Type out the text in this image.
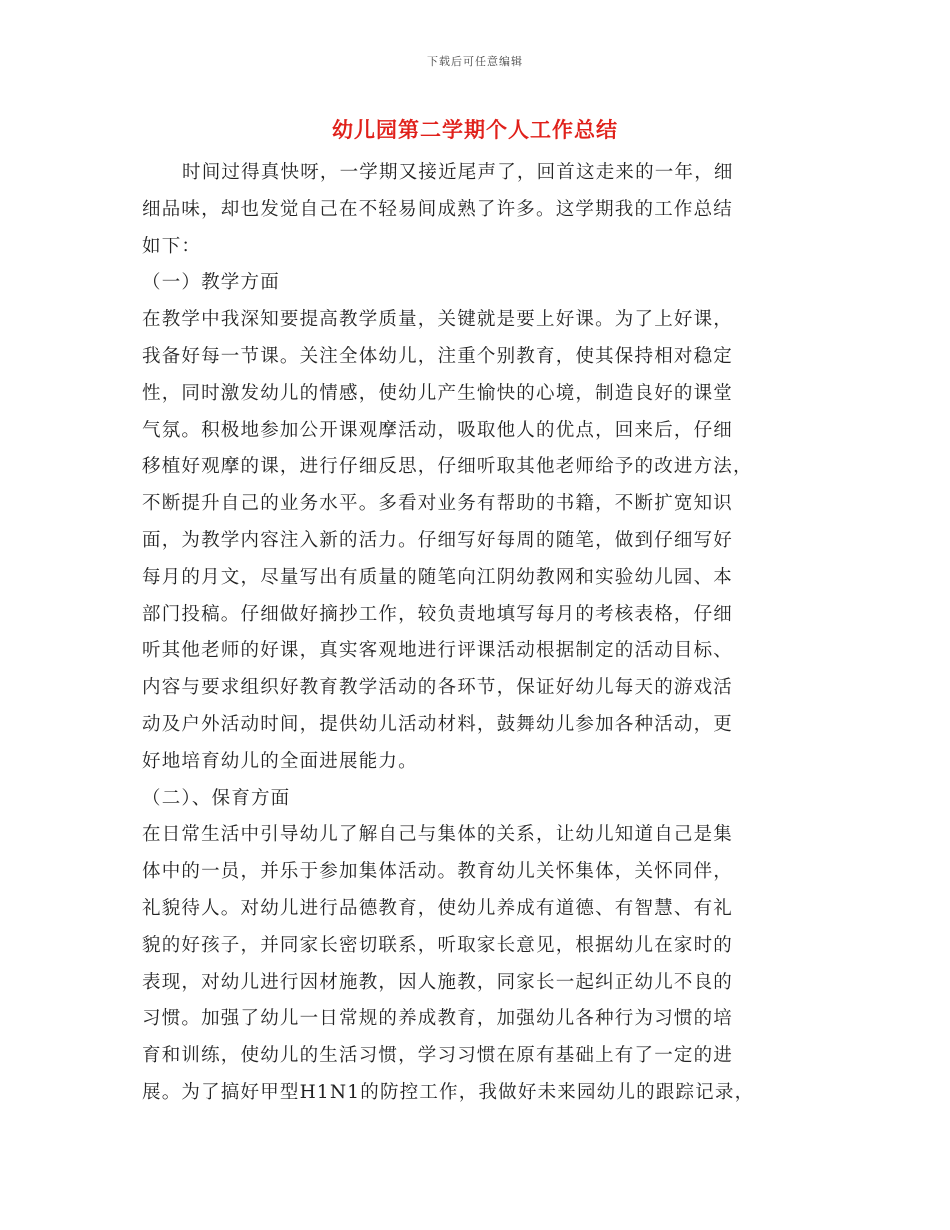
下载后可任意编辑
幼儿园第二学期个人工作总结
时间过得真快呀，一学期又接近尾声了，回首这走来的一年，细
细品味，却也发觉自己在不轻易间成熟了许多。这学期我的工作总结
如下：
（一）教学方面
在教学中我深知要提高教学质量，关键就是要上好课。为了上好课，
我备好每一节课。关注全体幼儿，注重个别教育，使其保持相对稳定
性，同时激发幼儿的情感，使幼儿产生愉快的心境，制造良好的课堂
气氛。积极地参加公开课观摩活动，吸取他人的优点，回来后，仔细
移植好观摩的课，进行仔细反思，仔细听取其他老师给予的改进方法，
不断提升自己的业务水平。多看对业务有帮助的书籍，不断扩宽知识
面，为教学内容注入新的活力。仔细写好每周的随笔，做到仔细写好
每月的月文，尽量写出有质量的随笔向江阴幼教网和实验幼儿园、本
部门投稿。仔细做好摘抄工作，较负责地填写每月的考核表格，仔细
听其他老师的好课，真实客观地进行评课活动根据制定的活动目标、
内容与要求组织好教育教学活动的各环节，保证好幼儿每天的游戏活
动及户外活动时间，提供幼儿活动材料，鼓舞幼儿参加各种活动，更
好地培育幼儿的全面进展能力。
（二）、保育方面
在日常生活中引导幼儿了解自己与集体的关系，让幼儿知道自己是集
体中的一员，并乐于参加集体活动。教育幼儿关怀集体，关怀同伴，
礼貌待人。对幼儿进行品德教育，使幼儿养成有道德、有智慧、有礼
貌的好孩子，并同家长密切联系，听取家长意见，根据幼儿在家时的
表现，对幼儿进行因材施教，因人施教，同家长一起纠正幼儿不良的
习惯。加强了幼儿一日常规的养成教育，加强幼儿各种行为习惯的培
育和训练，使幼儿的生活习惯，学习习惯在原有基础上有了一定的进
展。为了搞好甲型H1N1的防控工作，我做好未来园幼儿的跟踪记录，
